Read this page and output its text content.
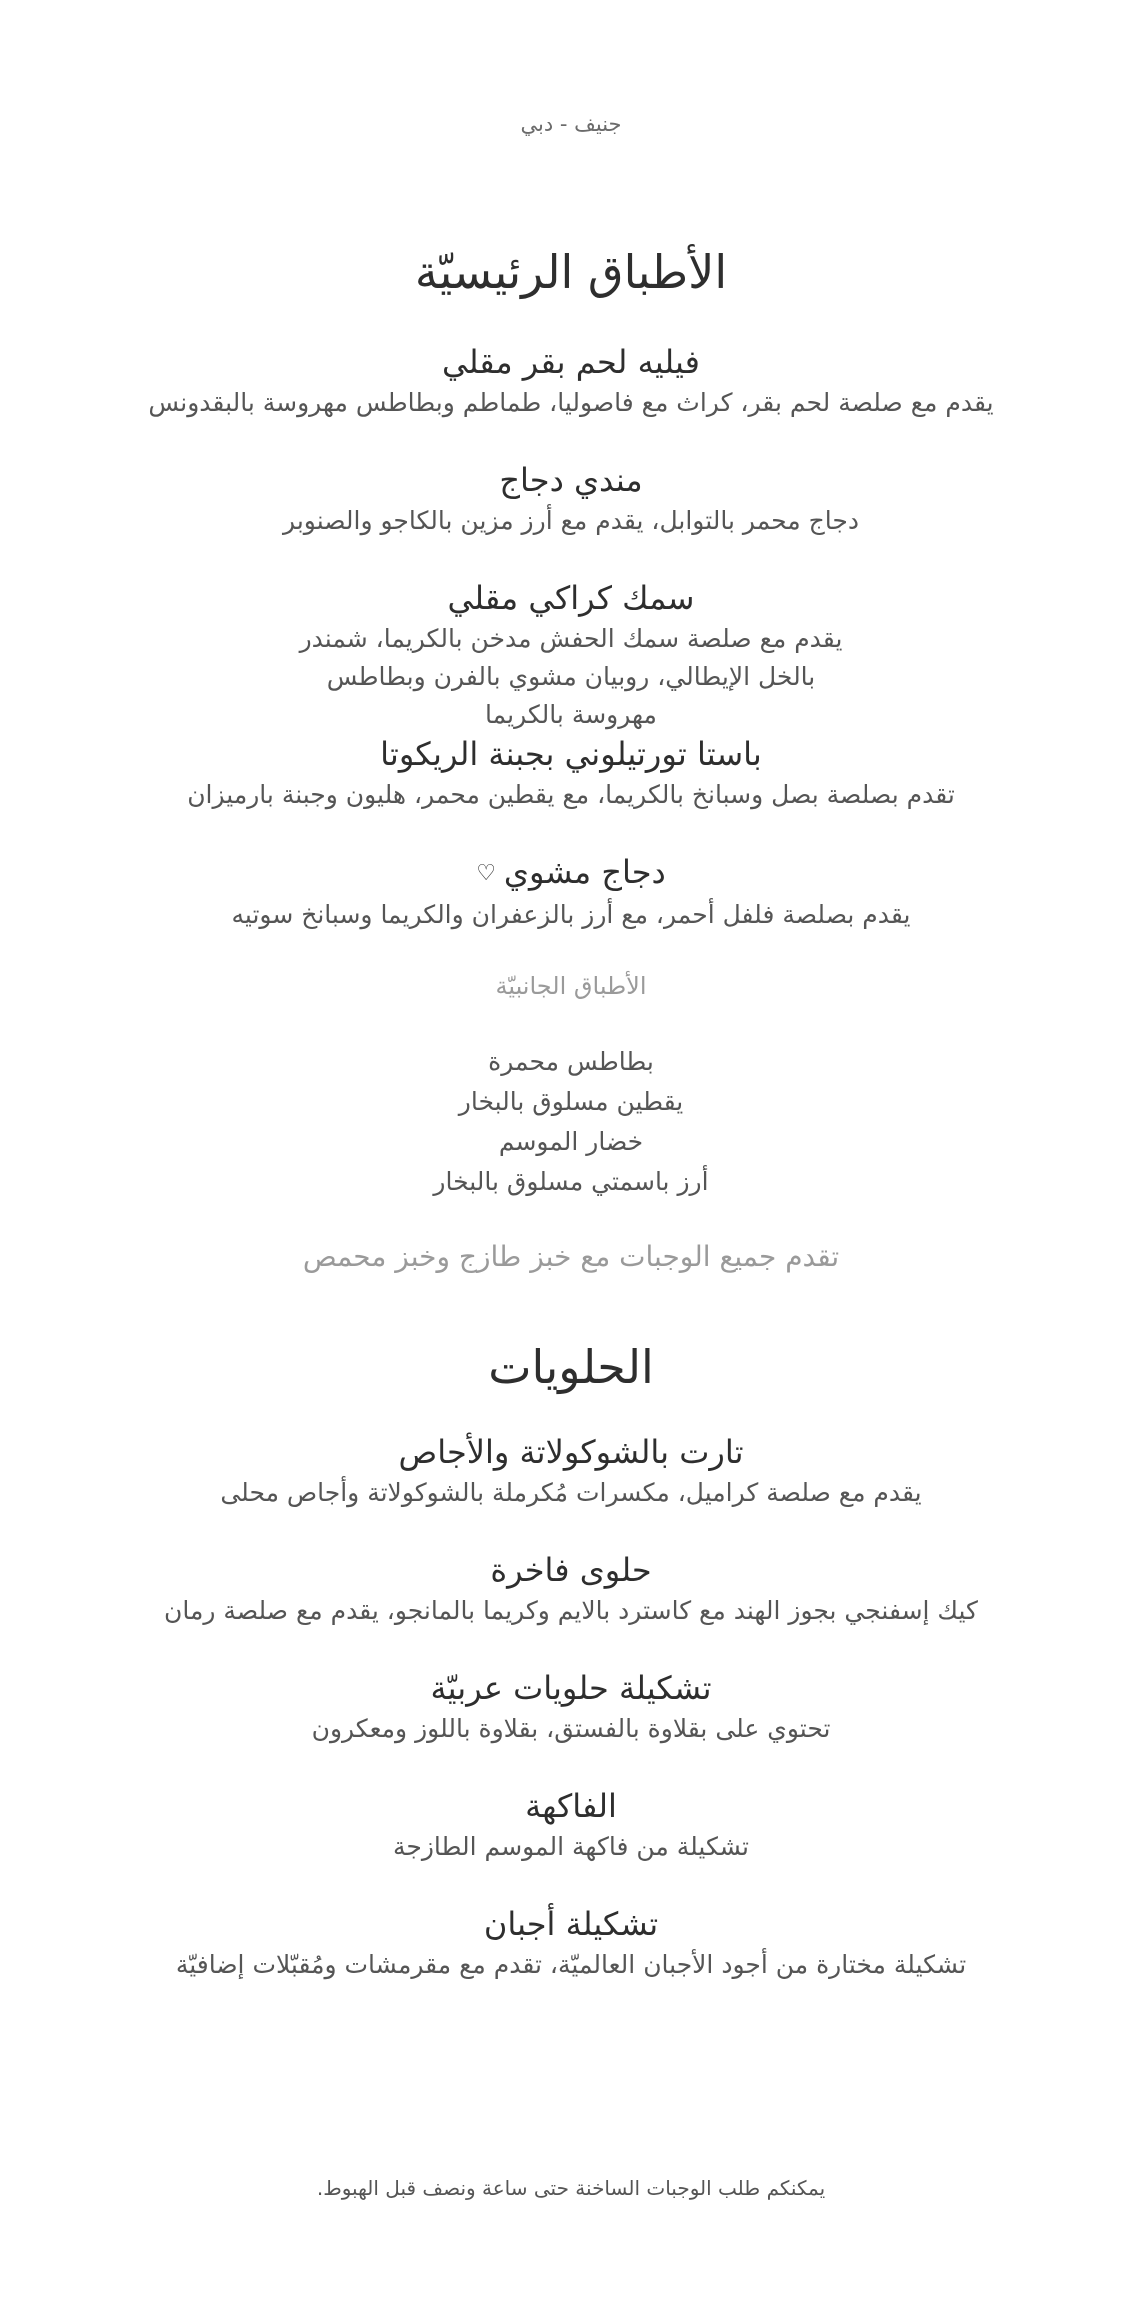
جنيف - دبي
الأطباق الرئيسيّة
فيليه لحم بقر مقلي
يقدم مع صلصة لحم بقر، كراث مع فاصوليا، طماطم وبطاطس مهروسة بالبقدونس
مندي دجاج
دجاج محمر بالتوابل، يقدم مع أرز مزين بالكاجو والصنوبر
سمك كراكي مقلي
يقدم مع صلصة سمك الحفش مدخن بالكريما، شمندر بالخل الإيطالي، روبيان مشوي بالفرن وبطاطس مهروسة بالكريما
باستا تورتيلوني بجبنة الريكوتا
تقدم بصلصة بصل وسبانخ بالكريما، مع يقطين محمر، هليون وجبنة بارميزان
دجاج مشوي♡
يقدم بصلصة فلفل أحمر، مع أرز بالزعفران والكريما وسبانخ سوتيه
الأطباق الجانبيّة
بطاطس محمرة
يقطين مسلوق بالبخار
خضار الموسم
أرز باسمتي مسلوق بالبخار
تقدم جميع الوجبات مع خبز طازج وخبز محمص
الحلويات
تارت بالشوكولاتة والأجاص
يقدم مع صلصة كراميل، مكسرات مُكرملة بالشوكولاتة وأجاص محلى
حلوى فاخرة
كيك إسفنجي بجوز الهند مع كاسترد بالايم وكريما بالمانجو، يقدم مع صلصة رمان
تشكيلة حلويات عربيّة
تحتوي على بقلاوة بالفستق، بقلاوة باللوز ومعكرون
الفاكهة
تشكيلة من فاكهة الموسم الطازجة
تشكيلة أجبان
تشكيلة مختارة من أجود الأجبان العالميّة، تقدم مع مقرمشات ومُقبّلات إضافيّة
يمكنكم طلب الوجبات الساخنة حتى ساعة ونصف قبل الهبوط.
